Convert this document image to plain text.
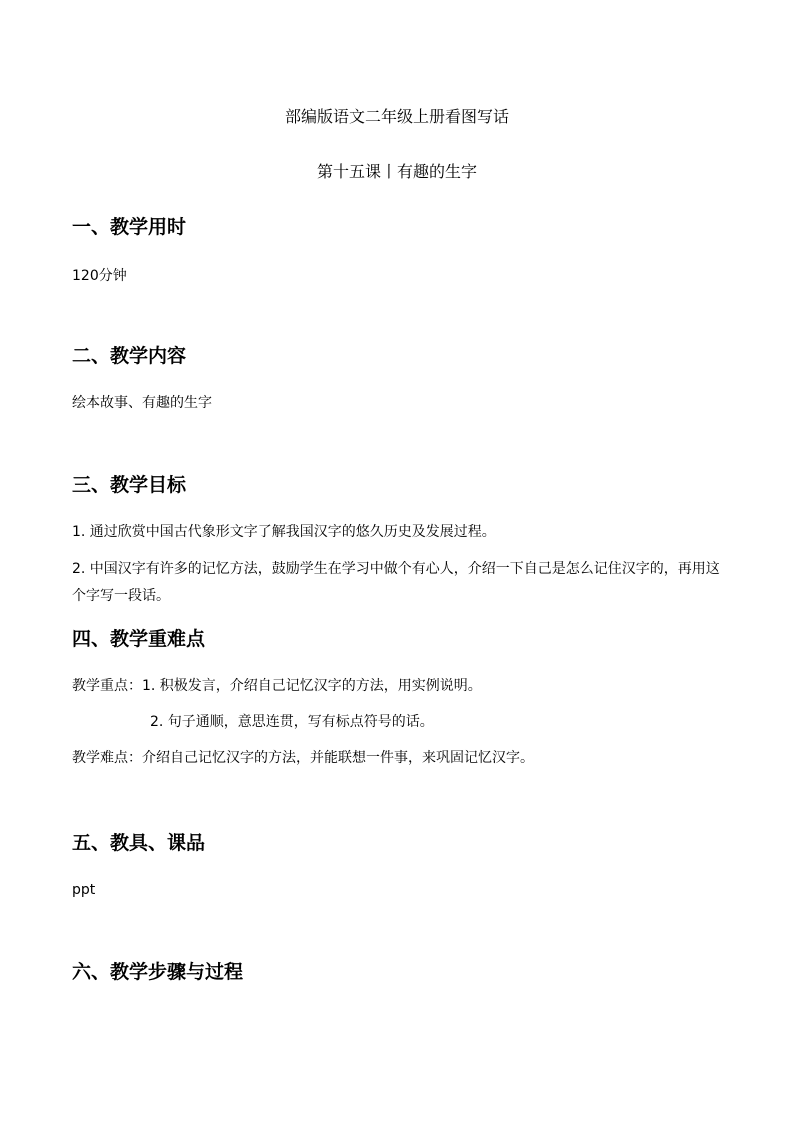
部编版语文二年级上册看图写话
第十五课丨有趣的生字
一、教学用时
120分钟
二、教学内容
绘本故事、有趣的生字
三、教学目标
1. 通过欣赏中国古代象形文字了解我国汉字的悠久历史及发展过程。
2. 中国汉字有许多的记忆方法，鼓励学生在学习中做个有心人，介绍一下自己是怎么记住汉字的，再用这个字写一段话。
四、教学重难点
教学重点：1. 积极发言，介绍自己记忆汉字的方法，用实例说明。
2. 句子通顺，意思连贯，写有标点符号的话。
教学难点：介绍自己记忆汉字的方法，并能联想一件事，来巩固记忆汉字。
五、教具、课品
ppt
六、教学步骤与过程
